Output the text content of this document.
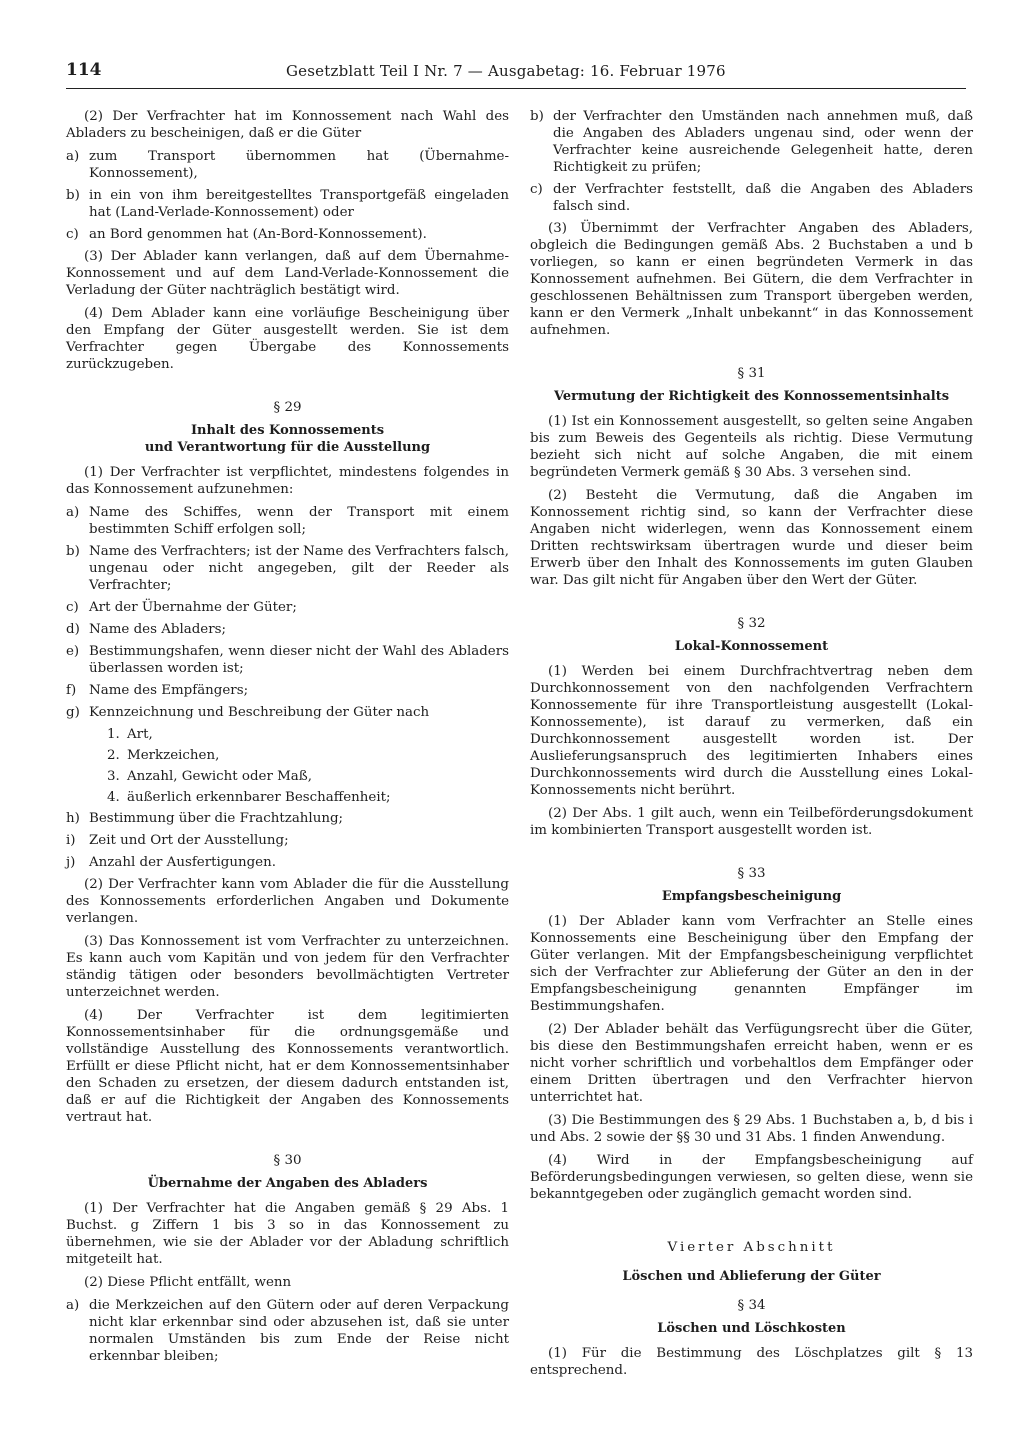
114	Gesetzblatt Teil I Nr. 7 — Ausgabetag: 16. Februar 1976

(2) Der Verfrachter hat im Konnossement nach Wahl des Abladers zu bescheinigen, daß er die Güter

a) zum Transport übernommen hat (Übernahme-Konnossement),
b) in ein von ihm bereitgestelltes Transportgefäß eingeladen hat (Land-Verlade-Konnossement) oder
c) an Bord genommen hat (An-Bord-Konnossement).

(3) Der Ablader kann verlangen, daß auf dem Übernahme-Konnossement und auf dem Land-Verlade-Konnossement die Verladung der Güter nachträglich bestätigt wird.

(4) Dem Ablader kann eine vorläufige Bescheinigung über den Empfang der Güter ausgestellt werden. Sie ist dem Verfrachter gegen Übergabe des Konnossements zurückzugeben.

§ 29
Inhalt des Konnossements
und Verantwortung für die Ausstellung

(1) Der Verfrachter ist verpflichtet, mindestens folgendes in das Konnossement aufzunehmen:

a) Name des Schiffes, wenn der Transport mit einem bestimmten Schiff erfolgen soll;
b) Name des Verfrachters; ist der Name des Verfrachters falsch, ungenau oder nicht angegeben, gilt der Reeder als Verfrachter;
c) Art der Übernahme der Güter;
d) Name des Abladers;
e) Bestimmungshafen, wenn dieser nicht der Wahl des Abladers überlassen worden ist;
f) Name des Empfängers;
g) Kennzeichnung und Beschreibung der Güter nach
1. Art,
2. Merkzeichen,
3. Anzahl, Gewicht oder Maß,
4. äußerlich erkennbarer Beschaffenheit;
h) Bestimmung über die Frachtzahlung;
i)	Zeit und Ort der Ausstellung;
j)	Anzahl der Ausfertigungen.

(2) Der Verfrachter kann vom Ablader die für die Ausstellung des Konnossements erforderlichen Angaben und Dokumente verlangen.

(3) Das Konnossement ist vom Verfrachter zu unterzeichnen. Es kann auch vom Kapitän und von jedem für den Verfrachter ständig tätigen oder besonders bevollmächtigten Vertreter unterzeichnet werden.

(4) Der Verfrachter ist dem legitimierten Konnossementsinhaber für die ordnungsgemäße und vollständige Ausstellung des Konnossements verantwortlich. Erfüllt er diese Pflicht nicht, hat er dem Konnossementsinhaber den Schaden zu ersetzen, der diesem dadurch entstanden ist, daß er auf die Richtigkeit der Angaben des Konnossements vertraut hat.

§ 30
Übernahme der Angaben des Abladers

(1) Der Verfrachter hat die Angaben gemäß § 29 Abs. 1 Buchst. g Ziffern 1 bis 3 so in das Konnossement zu übernehmen, wie sie der Ablader vor der Abladung schriftlich mitgeteilt hat.

(2) Diese Pflicht entfällt, wenn

a) die Merkzeichen auf den Gütern oder auf deren Verpackung nicht klar erkennbar sind oder abzusehen ist, daß sie unter normalen Umständen bis zum Ende der Reise nicht erkennbar bleiben;
b) der Verfrachter den Umständen nach annehmen muß, daß die Angaben des Abladers ungenau sind, oder wenn der Verfrachter keine ausreichende Gelegenheit hatte, deren Richtigkeit zu prüfen;
c) der Verfrachter feststellt, daß die Angaben des Abladers falsch sind.

(3) Übernimmt der Verfrachter Angaben des Abladers, obgleich die Bedingungen gemäß Abs. 2 Buchstaben a und b vorliegen, so kann er einen begründeten Vermerk in das Konnossement aufnehmen. Bei Gütern, die dem Verfrachter in geschlossenen Behältnissen zum Transport übergeben werden, kann er den Vermerk „Inhalt unbekannt“ in das Konnossement aufnehmen.

§ 31
Vermutung der Richtigkeit des Konnossementsinhalts

(1) Ist ein Konnossement ausgestellt, so gelten seine Angaben bis zum Beweis des Gegenteils als richtig. Diese Vermutung bezieht sich nicht auf solche Angaben, die mit einem begründeten Vermerk gemäß § 30 Abs. 3 versehen sind.

(2) Besteht die Vermutung, daß die Angaben im Konnossement richtig sind, so kann der Verfrachter diese Angaben nicht widerlegen, wenn das Konnossement einem Dritten rechtswirksam übertragen wurde und dieser beim Erwerb über den Inhalt des Konnossements im guten Glauben war. Das gilt nicht für Angaben über den Wert der Güter.

§ 32
Lokal-Konnossement

(1) Werden bei einem Durchfrachtvertrag neben dem Durchkonnossement von den nachfolgenden Verfrachtern Konnossemente für ihre Transportleistung ausgestellt (Lokal-Konnossemente), ist darauf zu vermerken, daß ein Durchkonnossement ausgestellt worden ist. Der Auslieferungsanspruch des legitimierten Inhabers eines Durchkonnossements wird durch die Ausstellung eines Lokal-Konnossements nicht berührt.

(2) Der Abs. 1 gilt auch, wenn ein Teilbeförderungsdokument im kombinierten Transport ausgestellt worden ist.

§ 33
Empfangsbescheinigung

(1) Der Ablader kann vom Verfrachter an Stelle eines Konnossements eine Bescheinigung über den Empfang der Güter verlangen. Mit der Empfangsbescheinigung verpflichtet sich der Verfrachter zur Ablieferung der Güter an den in der Empfangsbescheinigung genannten Empfänger im Bestimmungshafen.

(2) Der Ablader behält das Verfügungsrecht über die Güter, bis diese den Bestimmungshafen erreicht haben, wenn er es nicht vorher schriftlich und vorbehaltlos dem Empfänger oder einem Dritten übertragen und den Verfrachter hiervon unterrichtet hat.

(3) Die Bestimmungen des § 29 Abs. 1 Buchstaben a, b, d bis i und Abs. 2 sowie der §§ 30 und 31 Abs. 1 finden Anwendung.

(4) Wird in der Empfangsbescheinigung auf Beförderungsbedingungen verwiesen, so gelten diese, wenn sie bekanntgegeben oder zugänglich gemacht worden sind.

Vierter Abschnitt
Löschen und Ablieferung der Güter
§ 34
Löschen und Löschkosten

(1) Für die Bestimmung des Löschplatzes gilt § 13 entsprechend.
